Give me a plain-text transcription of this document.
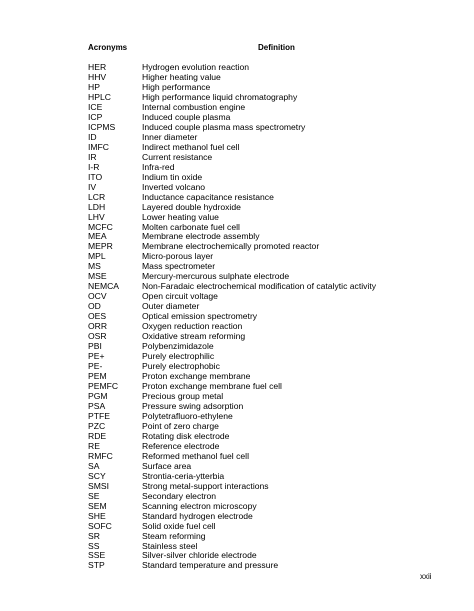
Acronyms	Definition
HER	Hydrogen evolution reaction
HHV	Higher heating value
HP	High performance
HPLC	High performance liquid chromatography
ICE	Internal combustion engine
ICP	Induced couple plasma
ICPMS	Induced couple plasma mass spectrometry
ID	Inner diameter
IMFC	Indirect methanol fuel cell
IR	Current resistance
I-R	Infra-red
ITO	Indium tin oxide
IV	Inverted volcano
LCR	Inductance capacitance resistance
LDH	Layered double hydroxide
LHV	Lower heating value
MCFC	Molten carbonate fuel cell
MEA	Membrane electrode assembly
MEPR	Membrane electrochemically promoted reactor
MPL	Micro-porous layer
MS	Mass spectrometer
MSE	Mercury-mercurous sulphate electrode
NEMCA	Non-Faradaic electrochemical modification of catalytic activity
OCV	Open circuit voltage
OD	Outer diameter
OES	Optical emission spectrometry
ORR	Oxygen reduction reaction
OSR	Oxidative stream reforming
PBI	Polybenzimidazole
PE+	Purely electrophilic
PE-	Purely electrophobic
PEM	Proton exchange membrane
PEMFC	Proton exchange membrane fuel cell
PGM	Precious group metal
PSA	Pressure swing adsorption
PTFE	Polytetrafluoro-ethylene
PZC	Point of zero charge
RDE	Rotating disk electrode
RE	Reference electrode
RMFC	Reformed methanol fuel cell
SA	Surface area
SCY	Strontia-ceria-ytterbia
SMSI	Strong metal-support interactions
SE	Secondary electron
SEM	Scanning electron microscopy
SHE	Standard hydrogen electrode
SOFC	Solid oxide fuel cell
SR	Steam reforming
SS	Stainless steel
SSE	Silver-silver chloride electrode
STP	Standard temperature and pressure
xxii
